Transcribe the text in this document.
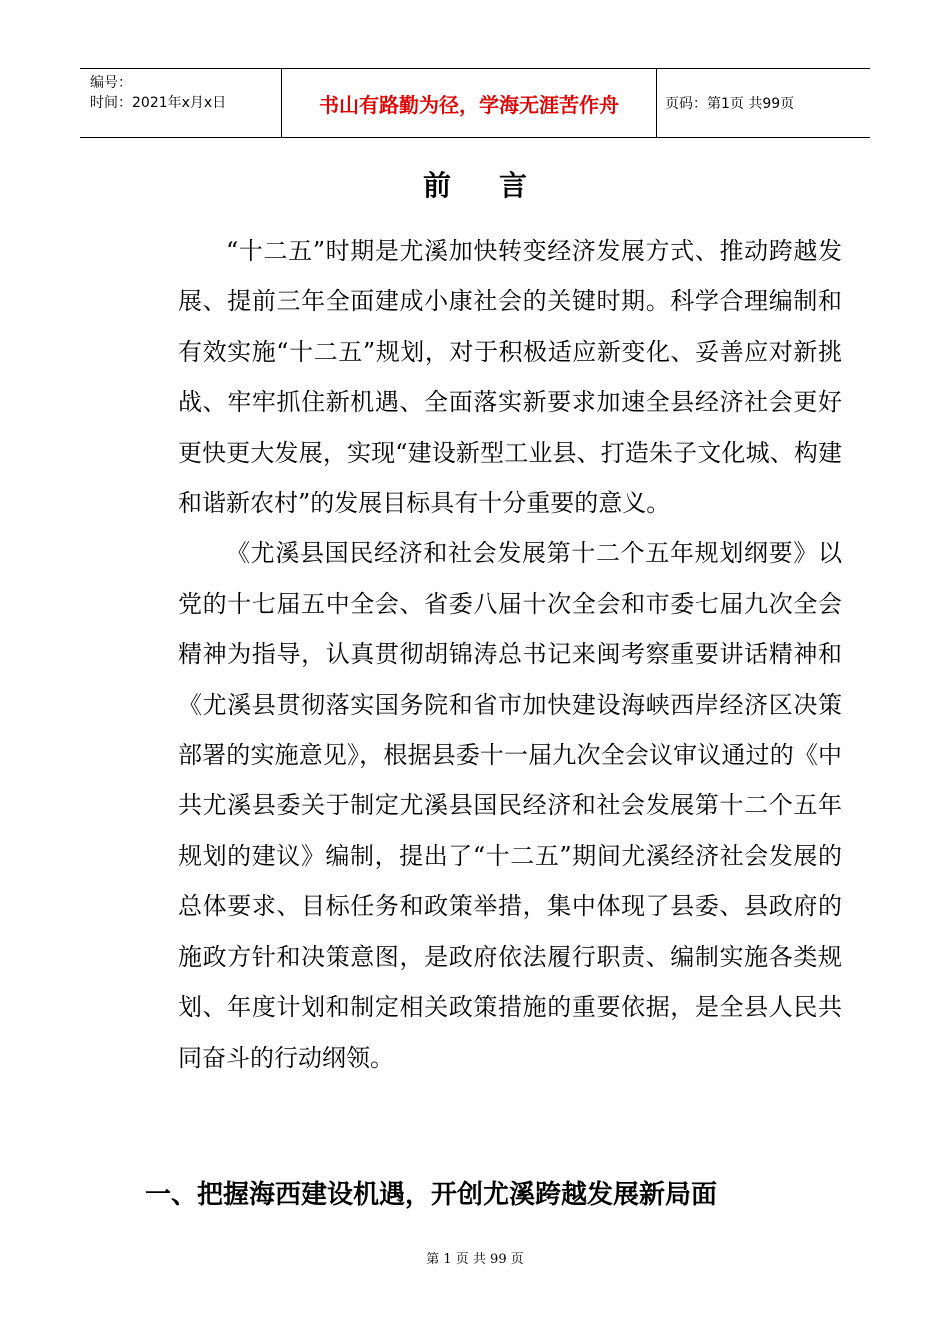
编号：
时间：2021年x月x日	书山有路勤为径，学海无涯苦作舟	页码：第1页 共99页
前言

“十二五”时期是尤溪加快转变经济发展方式、推动跨越发展、提前三年全面建成小康社会的关键时期。科学合理编制和有效实施“十二五”规划，对于积极适应新变化、妥善应对新挑战、牢牢抓住新机遇、全面落实新要求加速全县经济社会更好更快更大发展，实现“建设新型工业县、打造朱子文化城、构建和谐新农村”的发展目标具有十分重要的意义。

《尤溪县国民经济和社会发展第十二个五年规划纲要》以党的十七届五中全会、省委八届十次全会和市委七届九次全会精神为指导，认真贯彻胡锦涛总书记来闽考察重要讲话精神和《尤溪县贯彻落实国务院和省市加快建设海峡西岸经济区决策部署的实施意见》，根据县委十一届九次全会议审议通过的《中共尤溪县委关于制定尤溪县国民经济和社会发展第十二个五年规划的建议》编制，提出了“十二五”期间尤溪经济社会发展的总体要求、目标任务和政策举措，集中体现了县委、县政府的施政方针和决策意图，是政府依法履行职责、编制实施各类规划、年度计划和制定相关政策措施的重要依据，是全县人民共同奋斗的行动纲领。

一、把握海西建设机遇，开创尤溪跨越发展新局面
第 1 页 共 99 页
